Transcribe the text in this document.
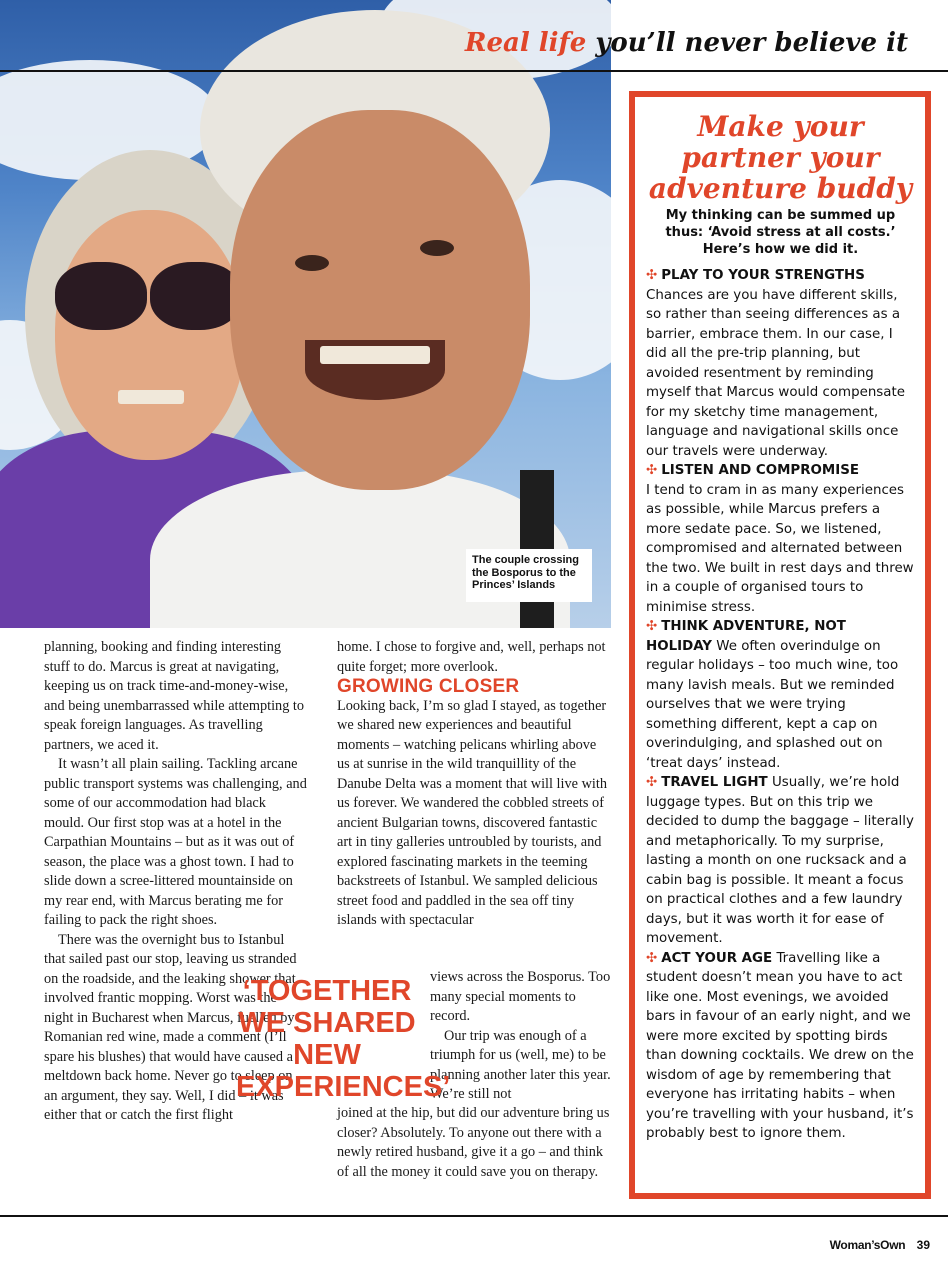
The couple crossing the Bosporus to the Princes’ Islands

Real life you’ll never believe it

planning, booking and finding interesting stuff to do. Marcus is great at navigating, keeping us on track time-and-money-wise, and being unembarrassed while attempting to speak foreign languages. As travelling partners, we aced it.

It wasn’t all plain sailing. Tackling arcane public transport systems was challenging, and some of our accommodation had black mould. Our first stop was at a hotel in the Carpathian Mountains – but as it was out of season, the place was a ghost town. I had to slide down a scree-littered mountainside on my rear end, with Marcus berating me for failing to pack the right shoes.

There was the overnight bus to Istanbul that sailed past our stop, leaving us stranded on the roadside, and the leaking shower that involved frantic mopping. Worst was the night in Bucharest when Marcus, fuelled by Romanian red wine, made a comment (I’ll spare his blushes) that would have caused a meltdown back home. Never go to sleep on an argument, they say. Well, I did – it was either that or catch the first flight

home. I chose to forgive and, well, perhaps not quite forget; more overlook.

GROWING CLOSER

Looking back, I’m so glad I stayed, as together we shared new experiences and beautiful moments – watching pelicans whirling above us at sunrise in the wild tranquillity of the Danube Delta was a moment that will live with us forever. We wandered the cobbled streets of ancient Bulgarian towns, discovered fantastic art in tiny galleries untroubled by tourists, and explored fascinating markets in the teeming backstreets of Istanbul. We sampled delicious street food and paddled in the sea off tiny islands with spectacular

views across the Bosporus. Too many special moments to record.

Our trip was enough of a triumph for us (well, me) to be planning another later this year. We’re still not

joined at the hip, but did our adventure bring us closer? Absolutely. To anyone out there with a newly retired husband, give it a go – and think of all the money it could save you on therapy.

‘TOGETHER WE SHARED NEW EXPERIENCES’

Make your partner your adventure buddy

My thinking can be summed up thus: ‘Avoid stress at all costs.’ Here’s how we did it.

✣ PLAY TO YOUR STRENGTHS
Chances are you have different skills, so rather than seeing differences as a barrier, embrace them. In our case, I did all the pre-trip planning, but avoided resentment by reminding myself that Marcus would compensate for my sketchy time management, language and navigational skills once our travels were underway.

✣ LISTEN AND COMPROMISE
I tend to cram in as many experiences as possible, while Marcus prefers a more sedate pace. So, we listened, compromised and alternated between the two. We built in rest days and threw in a couple of organised tours to minimise stress.

✣ THINK ADVENTURE, NOT HOLIDAY We often overindulge on regular holidays – too much wine, too many lavish meals. But we reminded ourselves that we were trying something different, kept a cap on overindulging, and splashed out on ‘treat days’ instead.

✣ TRAVEL LIGHT Usually, we’re hold luggage types. But on this trip we decided to dump the baggage – literally and metaphorically. To my surprise, lasting a month on one rucksack and a cabin bag is possible. It meant a focus on practical clothes and a few laundry days, but it was worth it for ease of movement.

✣ ACT YOUR AGE Travelling like a student doesn’t mean you have to act like one. Most evenings, we avoided bars in favour of an early night, and we were more excited by spotting birds than downing cocktails. We drew on the wisdom of age by remembering that everyone has irritating habits – when you’re travelling with your husband, it’s probably best to ignore them.

Woman’sOwn 39
